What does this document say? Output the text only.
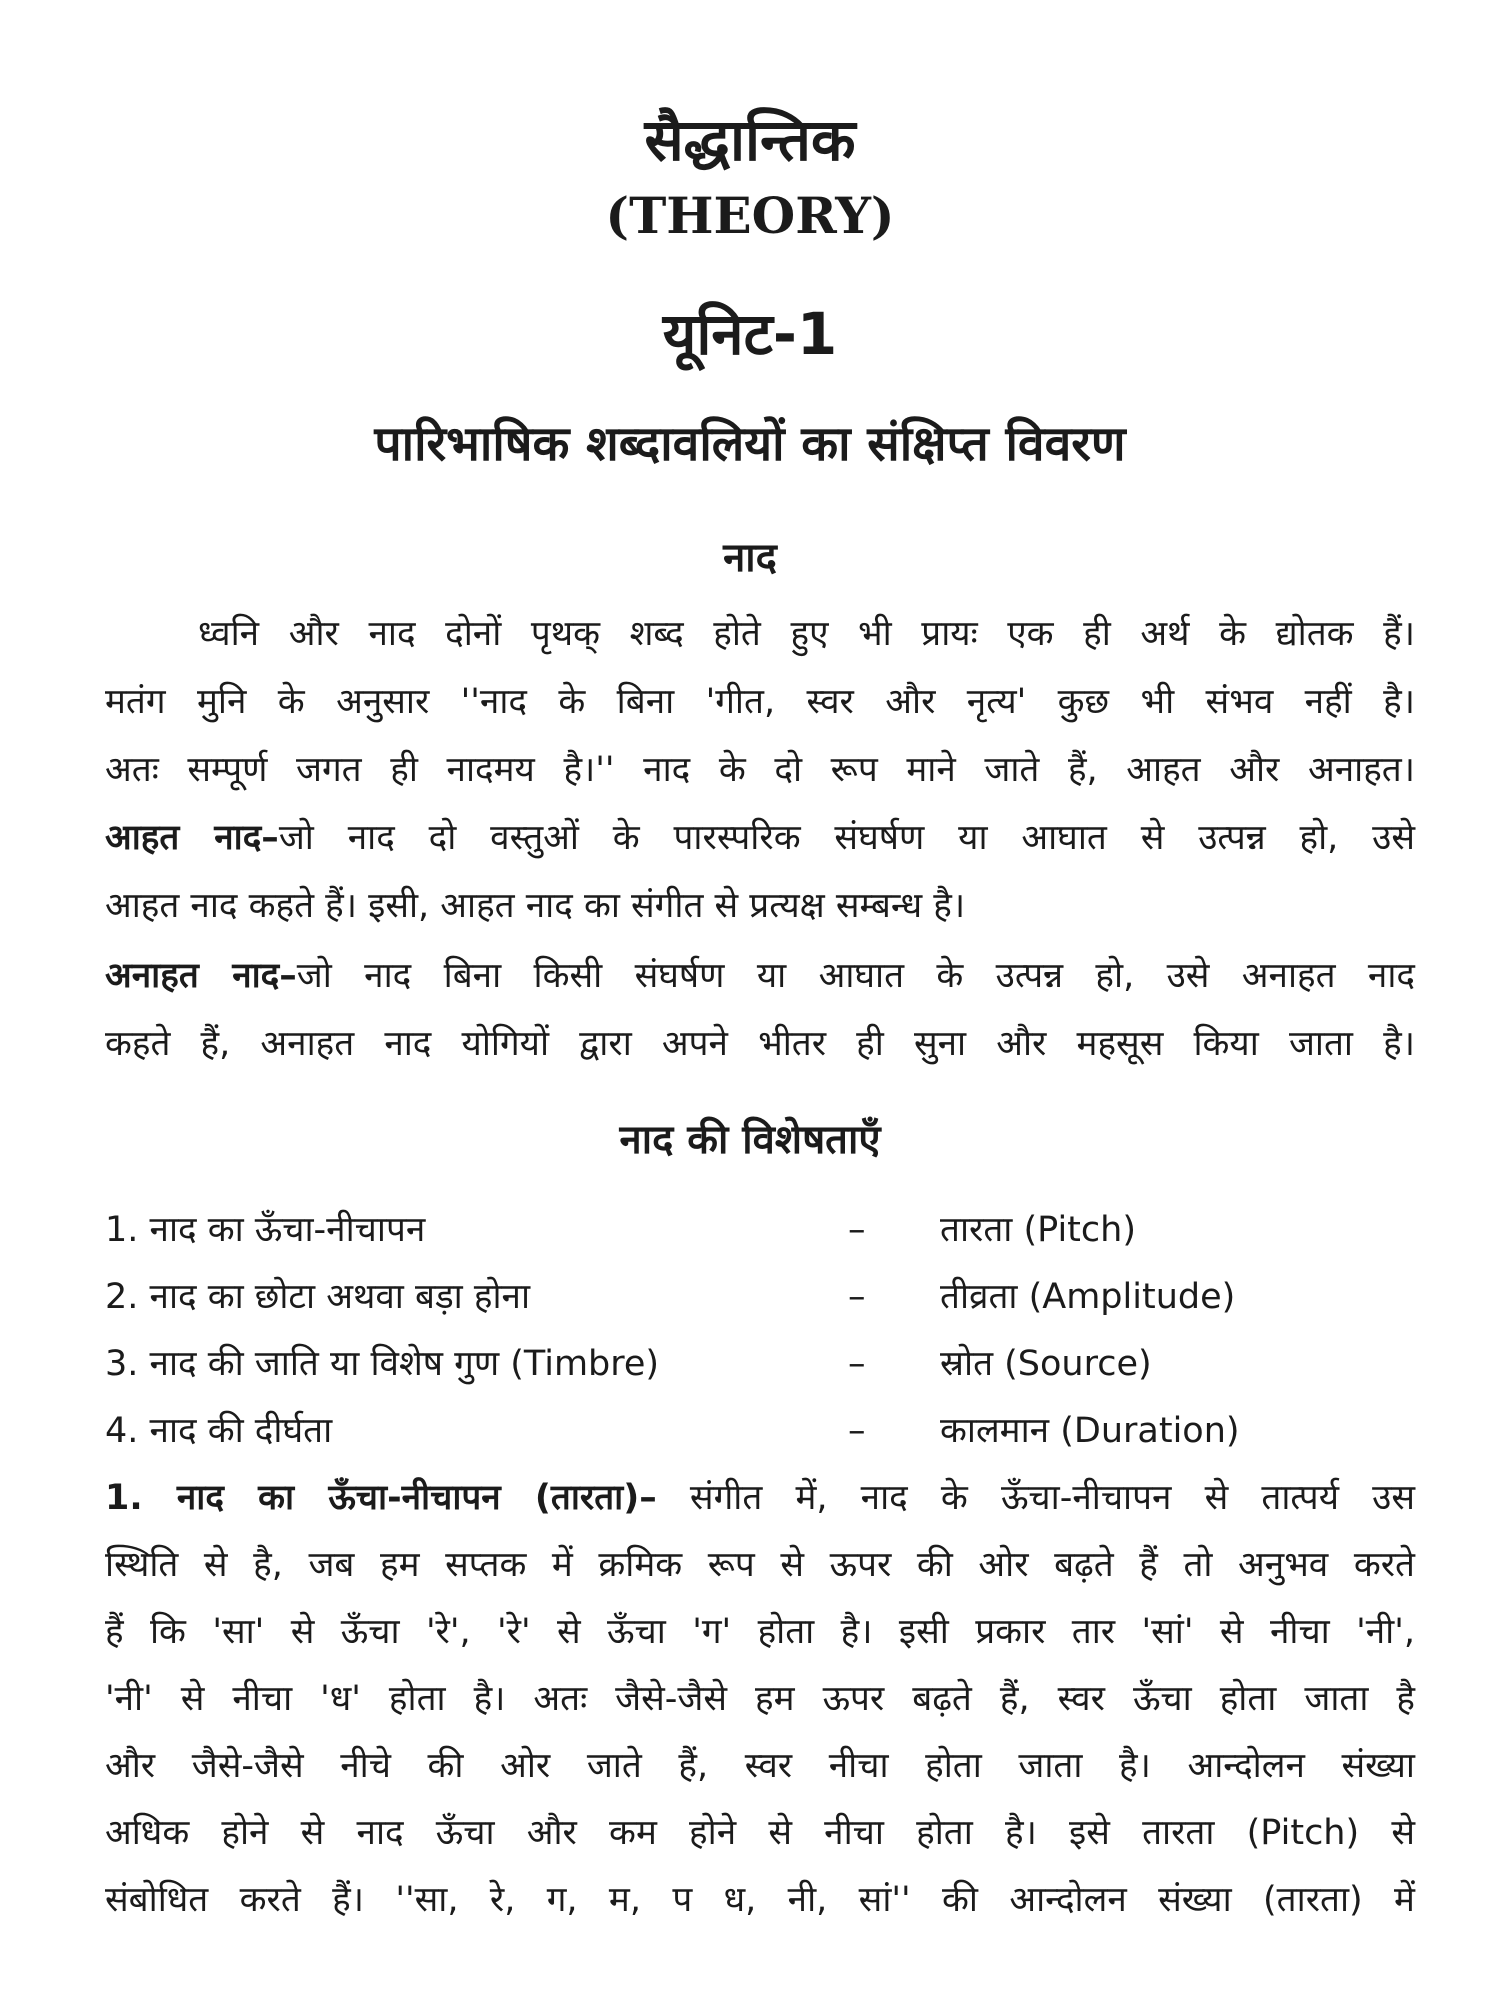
सैद्धान्तिक
(THEORY)
यूनिट-1
पारिभाषिक शब्दावलियों का संक्षिप्त विवरण
नाद
ध्वनि और नाद दोनों पृथक् शब्द होते हुए भी प्रायः एक ही अर्थ के द्योतक हैं।
मतंग मुनि के अनुसार ''नाद के बिना 'गीत, स्वर और नृत्य' कुछ भी संभव नहीं है।
अतः सम्पूर्ण जगत ही नादमय है।'' नाद के दो रूप माने जाते हैं, आहत और अनाहत।
आहत नाद–जो नाद दो वस्तुओं के पारस्परिक संघर्षण या आघात से उत्पन्न हो, उसे
आहत नाद कहते हैं। इसी, आहत नाद का संगीत से प्रत्यक्ष सम्बन्ध है।
अनाहत नाद–जो नाद बिना किसी संघर्षण या आघात के उत्पन्न हो, उसे अनाहत नाद
कहते हैं, अनाहत नाद योगियों द्वारा अपने भीतर ही सुना और महसूस किया जाता है।
नाद की विशेषताएँ
1. नाद का ऊँचा-नीचापन	– तारता (Pitch)
2. नाद का छोटा अथवा बड़ा होना	– तीव्रता (Amplitude)
3. नाद की जाति या विशेष गुण (Timbre)	– स्रोत (Source)
4. नाद की दीर्घता	– कालमान (Duration)
1. नाद का ऊँचा-नीचापन (तारता)– संगीत में, नाद के ऊँचा-नीचापन से तात्पर्य उस
स्थिति से है, जब हम सप्तक में क्रमिक रूप से ऊपर की ओर बढ़ते हैं तो अनुभव करते
हैं कि 'सा' से ऊँचा 'रे', 'रे' से ऊँचा 'ग' होता है। इसी प्रकार तार 'सां' से नीचा 'नी',
'नी' से नीचा 'ध' होता है। अतः जैसे-जैसे हम ऊपर बढ़ते हैं, स्वर ऊँचा होता जाता है
और जैसे-जैसे नीचे की ओर जाते हैं, स्वर नीचा होता जाता है। आन्दोलन संख्या
अधिक होने से नाद ऊँचा और कम होने से नीचा होता है। इसे तारता (Pitch) से
संबोधित करते हैं। ''सा, रे, ग, म, प ध, नी, सां'' की आन्दोलन संख्या (तारता) में
